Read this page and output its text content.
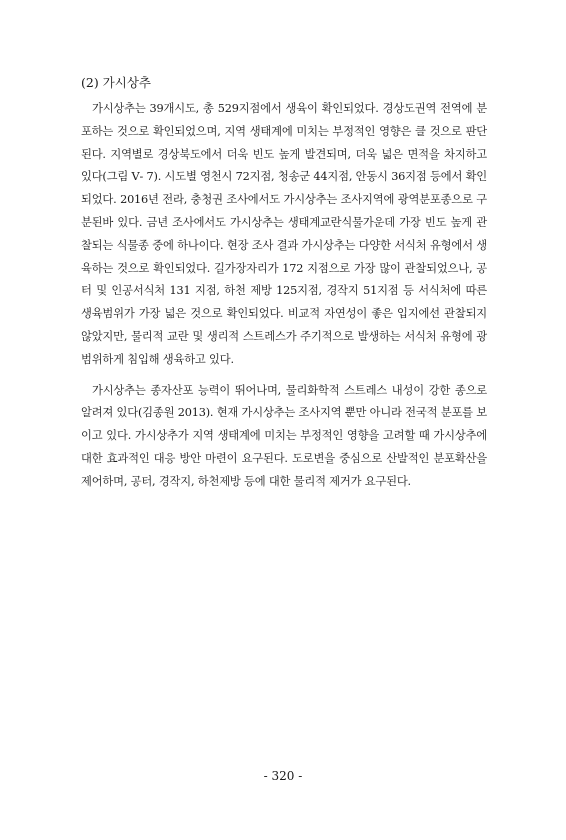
(2) 가시상추

가시상추는 39개시도, 총 529지점에서 생육이 확인되었다. 경상도권역 전역에 분포하는 것으로 확인되었으며, 지역 생태계에 미치는 부정적인 영향은 클 것으로 판단된다. 지역별로 경상북도에서 더욱 빈도 높게 발견되며, 더욱 넓은 면적을 차지하고 있다(그림 Ⅴ- 7). 시도별 영천시 72지점, 청송군 44지점, 안동시 36지점 등에서 확인되었다. 2016년 전라, 충청권 조사에서도 가시상추는 조사지역에 광역분포종으로 구분된바 있다. 금년 조사에서도 가시상추는 생태계교란식물가운데 가장 빈도 높게 관찰되는 식물종 중에 하나이다. 현장 조사 결과 가시상추는 다양한 서식처 유형에서 생육하는 것으로 확인되었다. 길가장자리가 172 지점으로 가장 많이 관찰되었으나, 공터 및 인공서식처 131 지점, 하천 제방 125지점, 경작지 51지점 등 서식처에 따른 생육범위가 가장 넓은 것으로 확인되었다. 비교적 자연성이 좋은 입지에선 관찰되지 않았지만, 물리적 교란 및 생리적 스트레스가 주기적으로 발생하는 서식처 유형에 광범위하게 침입해 생육하고 있다.

가시상추는 종자산포 능력이 뛰어나며, 물리화학적 스트레스 내성이 강한 종으로 알려져 있다(김종원 2013). 현재 가시상추는 조사지역 뿐만 아니라 전국적 분포를 보이고 있다. 가시상추가 지역 생태계에 미치는 부정적인 영향을 고려할 때 가시상추에 대한 효과적인 대응 방안 마련이 요구된다. 도로변을 중심으로 산발적인 분포확산을 제어하며, 공터, 경작지, 하천제방 등에 대한 물리적 제거가 요구된다.

- 320 -
